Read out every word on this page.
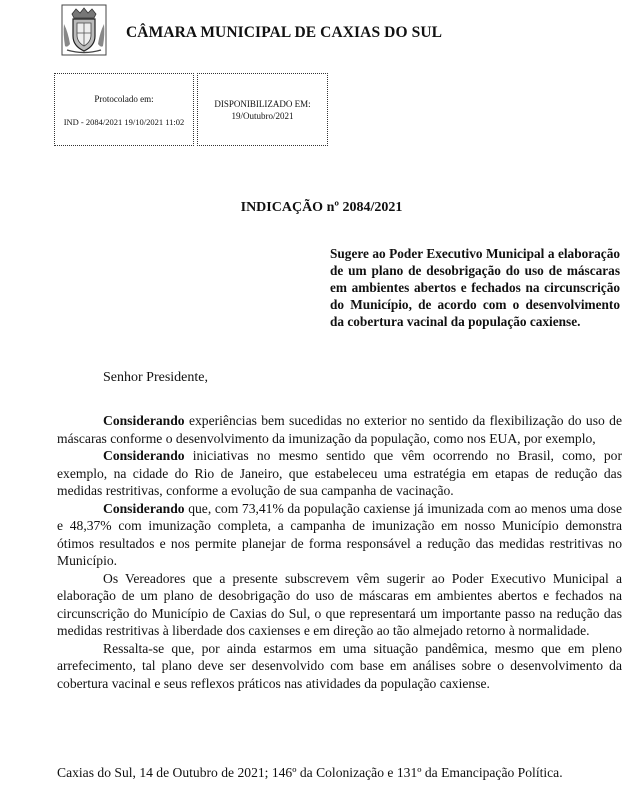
CÂMARA MUNICIPAL DE CAXIAS DO SUL
Protocolado em:
IND - 2084/2021 19/10/2021 11:02
DISPONIBILIZADO EM:
19/Outubro/2021
INDICAÇÃO nº 2084/2021
Sugere ao Poder Executivo Municipal a elaboração de um plano de desobrigação do uso de máscaras em ambientes abertos e fechados na circunscrição do Município, de acordo com o desenvolvimento da cobertura vacinal da população caxiense.
Senhor Presidente,

Considerando experiências bem sucedidas no exterior no sentido da flexibilização do uso de máscaras conforme o desenvolvimento da imunização da população, como nos EUA, por exemplo,

Considerando iniciativas no mesmo sentido que vêm ocorrendo no Brasil, como, por exemplo, na cidade do Rio de Janeiro, que estabeleceu uma estratégia em etapas de redução das medidas restritivas, conforme a evolução de sua campanha de vacinação.

Considerando que, com 73,41% da população caxiense já imunizada com ao menos uma dose e 48,37% com imunização completa, a campanha de imunização em nosso Município demonstra ótimos resultados e nos permite planejar de forma responsável a redução das medidas restritivas no Município.

Os Vereadores que a presente subscrevem vêm sugerir ao Poder Executivo Municipal a elaboração de um plano de desobrigação do uso de máscaras em ambientes abertos e fechados na circunscrição do Município de Caxias do Sul, o que representará um importante passo na redução das medidas restritivas à liberdade dos caxienses e em direção ao tão almejado retorno à normalidade.

Ressalta-se que, por ainda estarmos em uma situação pandêmica, mesmo que em pleno arrefecimento, tal plano deve ser desenvolvido com base em análises sobre o desenvolvimento da cobertura vacinal e seus reflexos práticos nas atividades da população caxiense.

Caxias do Sul, 14 de Outubro de 2021; 146º da Colonização e 131º da Emancipação Política.
